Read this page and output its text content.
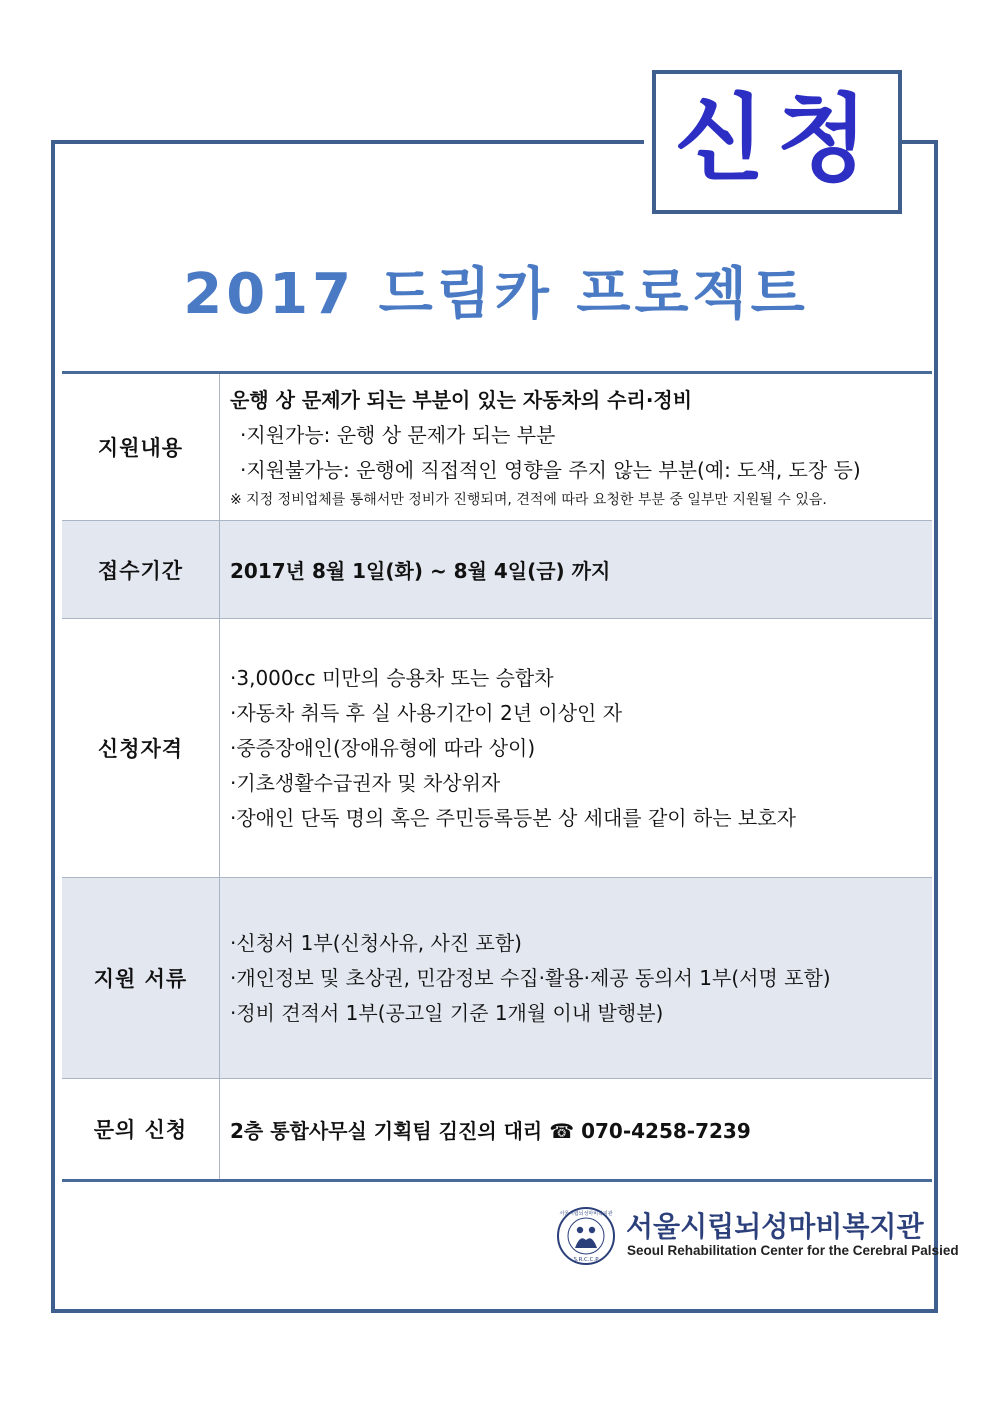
신청
2017 드림카 프로젝트
지원내용	운행 상 문제가 되는 부분이 있는 자동차의 수리·정비
·지원가능: 운행 상 문제가 되는 부분
·지원불가능: 운행에 직접적인 영향을 주지 않는 부분(예: 도색, 도장 등)
※ 지정 정비업체를 통해서만 정비가 진행되며, 견적에 따라 요청한 부분 중 일부만 지원될 수 있음.

접수기간	2017년 8월 1일(화) ~ 8월 4일(금) 까지
신청자격	·3,000cc 미만의 승용차 또는 승합차
·자동차 취득 후 실 사용기간이 2년 이상인 자
·중증장애인(장애유형에 따라 상이)
·기초생활수급권자 및 차상위자
·장애인 단독 명의 혹은 주민등록등본 상 세대를 같이 하는 보호자

지원 서류	·신청서 1부(신청사유, 사진 포함)
·개인정보 및 초상권, 민감정보 수집·활용·제공 동의서 1부(서명 포함)
·정비 견적서 1부(공고일 기준 1개월 이내 발행분)

문의 신청	2층 통합사무실 기획팀 김진의 대리 ☎ 070-4258-7239
S.R.C.C.P
서울시립뇌성마비복지관 서울시립뇌성마비복지관
Seoul Rehabilitation Center for the Cerebral Palsied
